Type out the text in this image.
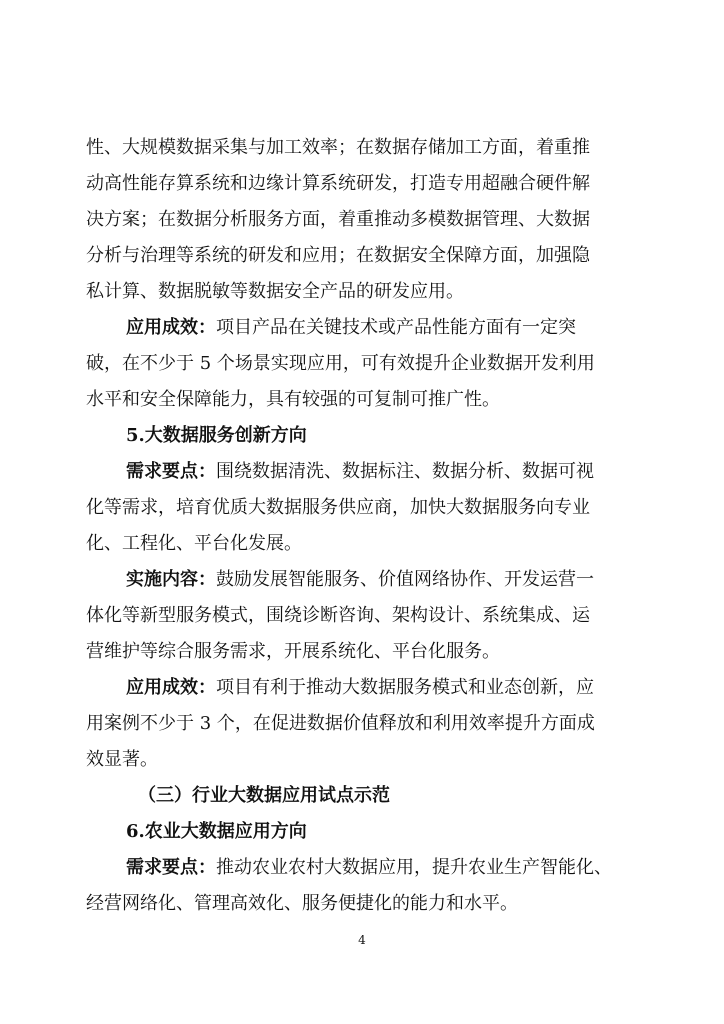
性、大规模数据采集与加工效率；在数据存储加工方面，着重推
动高性能存算系统和边缘计算系统研发，打造专用超融合硬件解
决方案；在数据分析服务方面，着重推动多模数据管理、大数据
分析与治理等系统的研发和应用；在数据安全保障方面，加强隐
私计算、数据脱敏等数据安全产品的研发应用。
应用成效：项目产品在关键技术或产品性能方面有一定突
破，在不少于 5 个场景实现应用，可有效提升企业数据开发利用
水平和安全保障能力，具有较强的可复制可推广性。
5.大数据服务创新方向
需求要点：围绕数据清洗、数据标注、数据分析、数据可视
化等需求，培育优质大数据服务供应商，加快大数据服务向专业
化、工程化、平台化发展。
实施内容：鼓励发展智能服务、价值网络协作、开发运营一
体化等新型服务模式，围绕诊断咨询、架构设计、系统集成、运
营维护等综合服务需求，开展系统化、平台化服务。
应用成效：项目有利于推动大数据服务模式和业态创新，应
用案例不少于 3 个，在促进数据价值释放和利用效率提升方面成
效显著。
（三）行业大数据应用试点示范
6.农业大数据应用方向
需求要点：推动农业农村大数据应用，提升农业生产智能化、
经营网络化、管理高效化、服务便捷化的能力和水平。
4
